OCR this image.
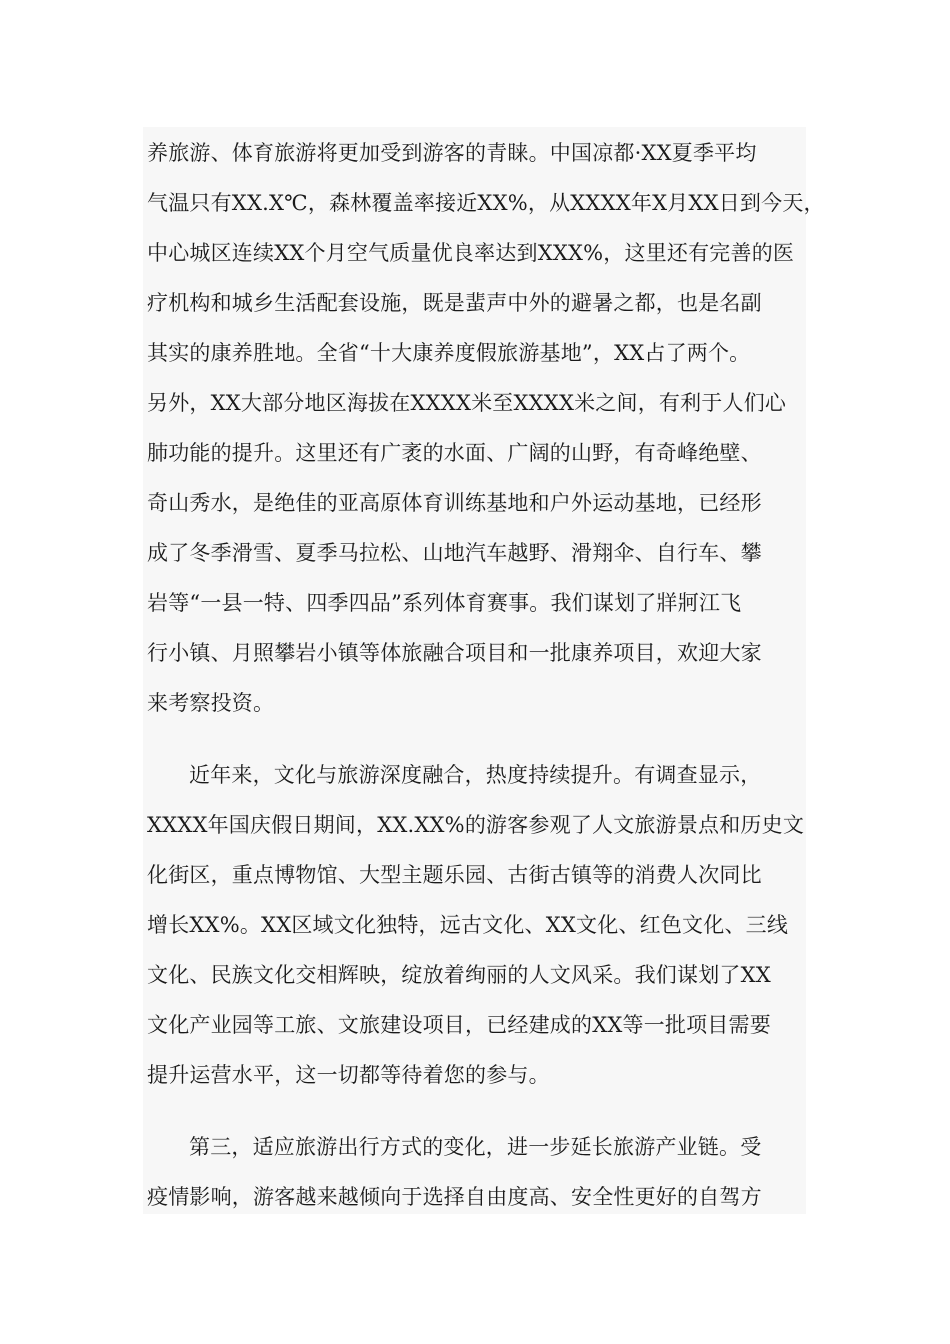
养旅游、体育旅游将更加受到游客的青睐。中国凉都·XX夏季平均
气温只有XX.X℃，森林覆盖率接近XX%，从XXXX年X月XX日到今天，
中心城区连续XX个月空气质量优良率达到XXX%，这里还有完善的医
疗机构和城乡生活配套设施，既是蜚声中外的避暑之都，也是名副
其实的康养胜地。全省“十大康养度假旅游基地”，XX占了两个。
另外，XX大部分地区海拔在XXXX米至XXXX米之间，有利于人们心
肺功能的提升。这里还有广袤的水面、广阔的山野，有奇峰绝壁、
奇山秀水，是绝佳的亚高原体育训练基地和户外运动基地，已经形
成了冬季滑雪、夏季马拉松、山地汽车越野、滑翔伞、自行车、攀
岩等“一县一特、四季四品”系列体育赛事。我们谋划了牂牁江飞
行小镇、月照攀岩小镇等体旅融合项目和一批康养项目，欢迎大家
来考察投资。
近年来，文化与旅游深度融合，热度持续提升。有调查显示，
XXXX年国庆假日期间，XX.XX%的游客参观了人文旅游景点和历史文
化街区，重点博物馆、大型主题乐园、古街古镇等的消费人次同比
增长XX%。XX区域文化独特，远古文化、XX文化、红色文化、三线
文化、民族文化交相辉映，绽放着绚丽的人文风采。我们谋划了XX
文化产业园等工旅、文旅建设项目，已经建成的XX等一批项目需要
提升运营水平，这一切都等待着您的参与。
第三，适应旅游出行方式的变化，进一步延长旅游产业链。受
疫情影响，游客越来越倾向于选择自由度高、安全性更好的自驾方
